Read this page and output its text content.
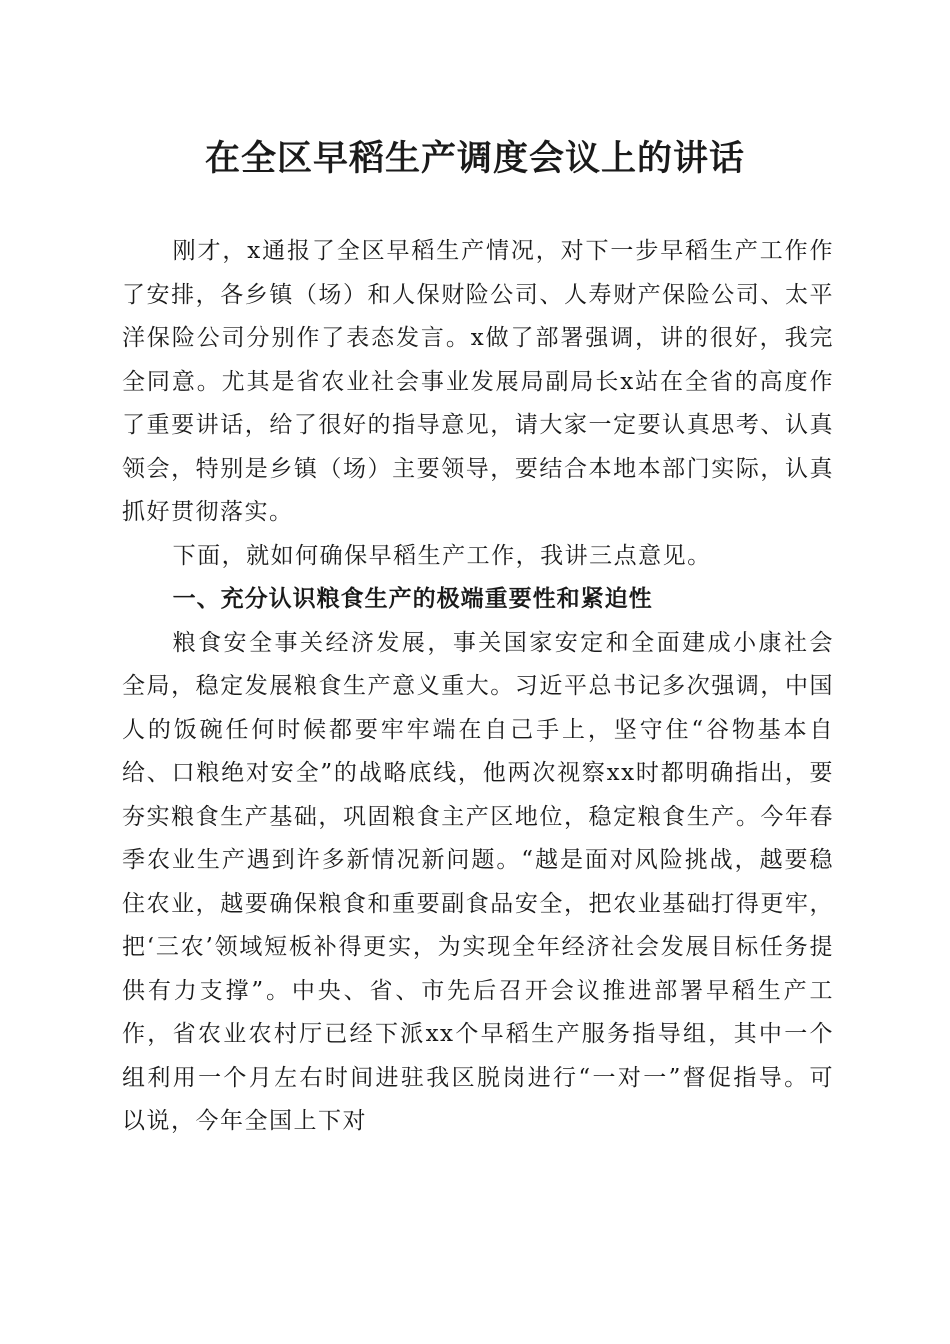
在全区早稻生产调度会议上的讲话

刚才，x通报了全区早稻生产情况，对下一步早稻生产工作作了安排，各乡镇（场）和人保财险公司、人寿财产保险公司、太平洋保险公司分别作了表态发言。x做了部署强调，讲的很好，我完全同意。尤其是省农业社会事业发展局副局长x站在全省的高度作了重要讲话，给了很好的指导意见，请大家一定要认真思考、认真领会，特别是乡镇（场）主要领导，要结合本地本部门实际，认真抓好贯彻落实。

下面，就如何确保早稻生产工作，我讲三点意见。

一、充分认识粮食生产的极端重要性和紧迫性

粮食安全事关经济发展，事关国家安定和全面建成小康社会全局，稳定发展粮食生产意义重大。习近平总书记多次强调，中国人的饭碗任何时候都要牢牢端在自己手上，坚守住“谷物基本自给、口粮绝对安全”的战略底线，他两次视察xx时都明确指出，要夯实粮食生产基础，巩固粮食主产区地位，稳定粮食生产。今年春季农业生产遇到许多新情况新问题。“越是面对风险挑战，越要稳住农业，越要确保粮食和重要副食品安全，把农业基础打得更牢，把‘三农’领域短板补得更实，为实现全年经济社会发展目标任务提供有力支撑”。中央、省、市先后召开会议推进部署早稻生产工作，省农业农村厅已经下派xx个早稻生产服务指导组，其中一个组利用一个月左右时间进驻我区脱岗进行“一对一”督促指导。可以说，今年全国上下对
